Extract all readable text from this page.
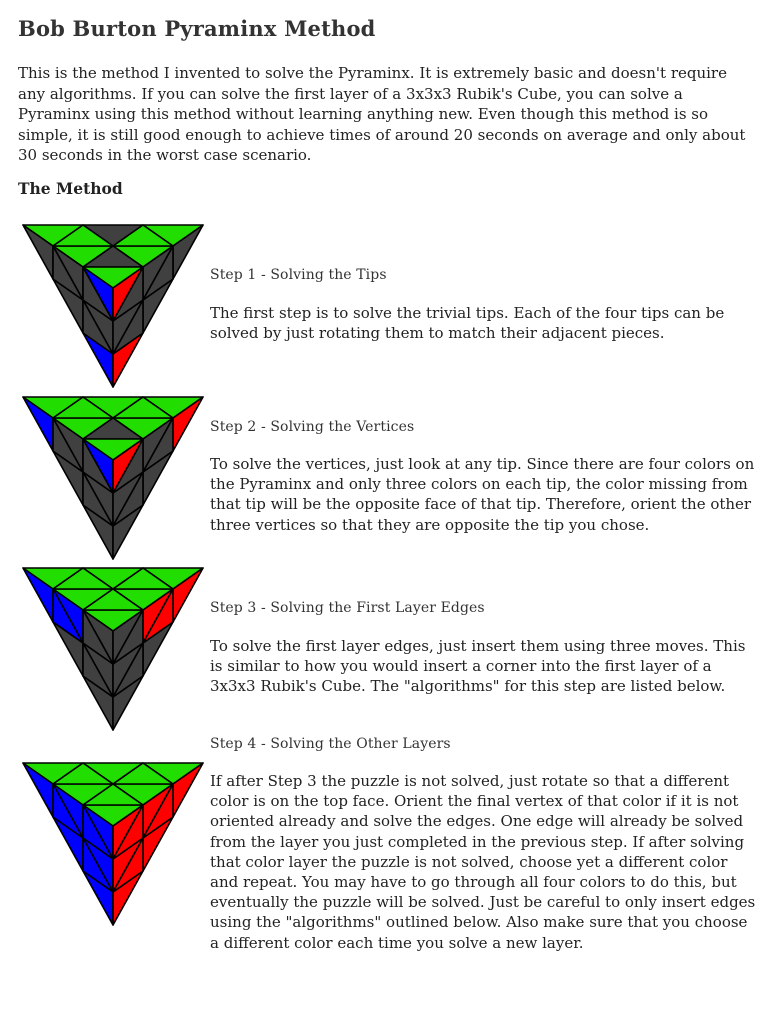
Bob Burton Pyraminx Method

This is the method I invented to solve the Pyraminx. It is extremely basic and doesn't require any algorithms. If you can solve the first layer of a 3x3x3 Rubik's Cube, you can solve a Pyraminx using this method without learning anything new. Even though this method is so simple, it is still good enough to achieve times of around 20 seconds on average and only about 30 seconds in the worst case scenario.

The Method
Step 1 - Solving the Tips
The first step is to solve the trivial tips. Each of the four tips can be solved by just rotating them to match their adjacent pieces.
Step 2 - Solving the Vertices
To solve the vertices, just look at any tip. Since there are four colors on the Pyraminx and only three colors on each tip, the color missing from that tip will be the opposite face of that tip. Therefore, orient the other three vertices so that they are opposite the tip you chose.
Step 3 - Solving the First Layer Edges
To solve the first layer edges, just insert them using three moves. This is similar to how you would insert a corner into the first layer of a 3x3x3 Rubik's Cube. The "algorithms" for this step are listed below.
Step 4 - Solving the Other Layers
If after Step 3 the puzzle is not solved, just rotate so that a different color is on the top face. Orient the final vertex of that color if it is not oriented already and solve the edges. One edge will already be solved from the layer you just completed in the previous step. If after solving that color layer the puzzle is not solved, choose yet a different color and repeat. You may have to go through all four colors to do this, but eventually the puzzle will be solved. Just be careful to only insert edges using the "algorithms" outlined below. Also make sure that you choose a different color each time you solve a new layer.
